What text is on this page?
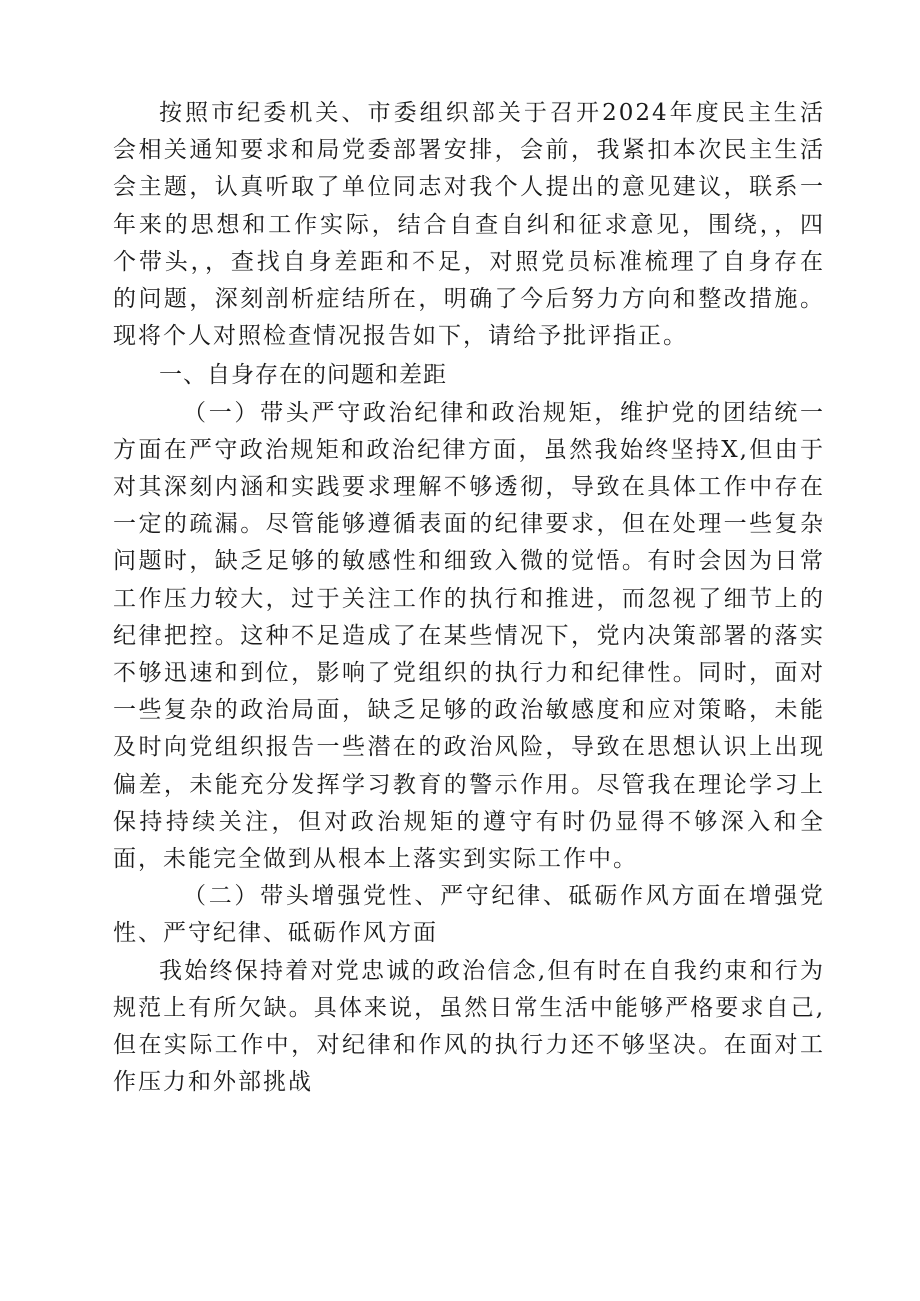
按照市纪委机关、市委组织部关于召开2024年度民主生活会相关通知要求和局党委部署安排，会前，我紧扣本次民主生活会主题，认真听取了单位同志对我个人提出的意见建议，联系一年来的思想和工作实际，结合自查自纠和征求意见，围绕，，四个带头，，查找自身差距和不足，对照党员标准梳理了自身存在的问题，深刻剖析症结所在，明确了今后努力方向和整改措施。现将个人对照检查情况报告如下，请给予批评指正。

一、自身存在的问题和差距

（一）带头严守政治纪律和政治规矩，维护党的团结统一方面在严守政治规矩和政治纪律方面，虽然我始终坚持X,但由于对其深刻内涵和实践要求理解不够透彻，导致在具体工作中存在一定的疏漏。尽管能够遵循表面的纪律要求，但在处理一些复杂问题时，缺乏足够的敏感性和细致入微的觉悟。有时会因为日常工作压力较大，过于关注工作的执行和推进，而忽视了细节上的纪律把控。这种不足造成了在某些情况下，党内决策部署的落实不够迅速和到位，影响了党组织的执行力和纪律性。同时，面对一些复杂的政治局面，缺乏足够的政治敏感度和应对策略，未能及时向党组织报告一些潜在的政治风险，导致在思想认识上出现偏差，未能充分发挥学习教育的警示作用。尽管我在理论学习上保持持续关注，但对政治规矩的遵守有时仍显得不够深入和全面，未能完全做到从根本上落实到实际工作中。

（二）带头增强党性、严守纪律、砥砺作风方面在增强党性、严守纪律、砥砺作风方面

我始终保持着对党忠诚的政治信念,但有时在自我约束和行为规范上有所欠缺。具体来说，虽然日常生活中能够严格要求自己,但在实际工作中，对纪律和作风的执行力还不够坚决。在面对工作压力和外部挑战
